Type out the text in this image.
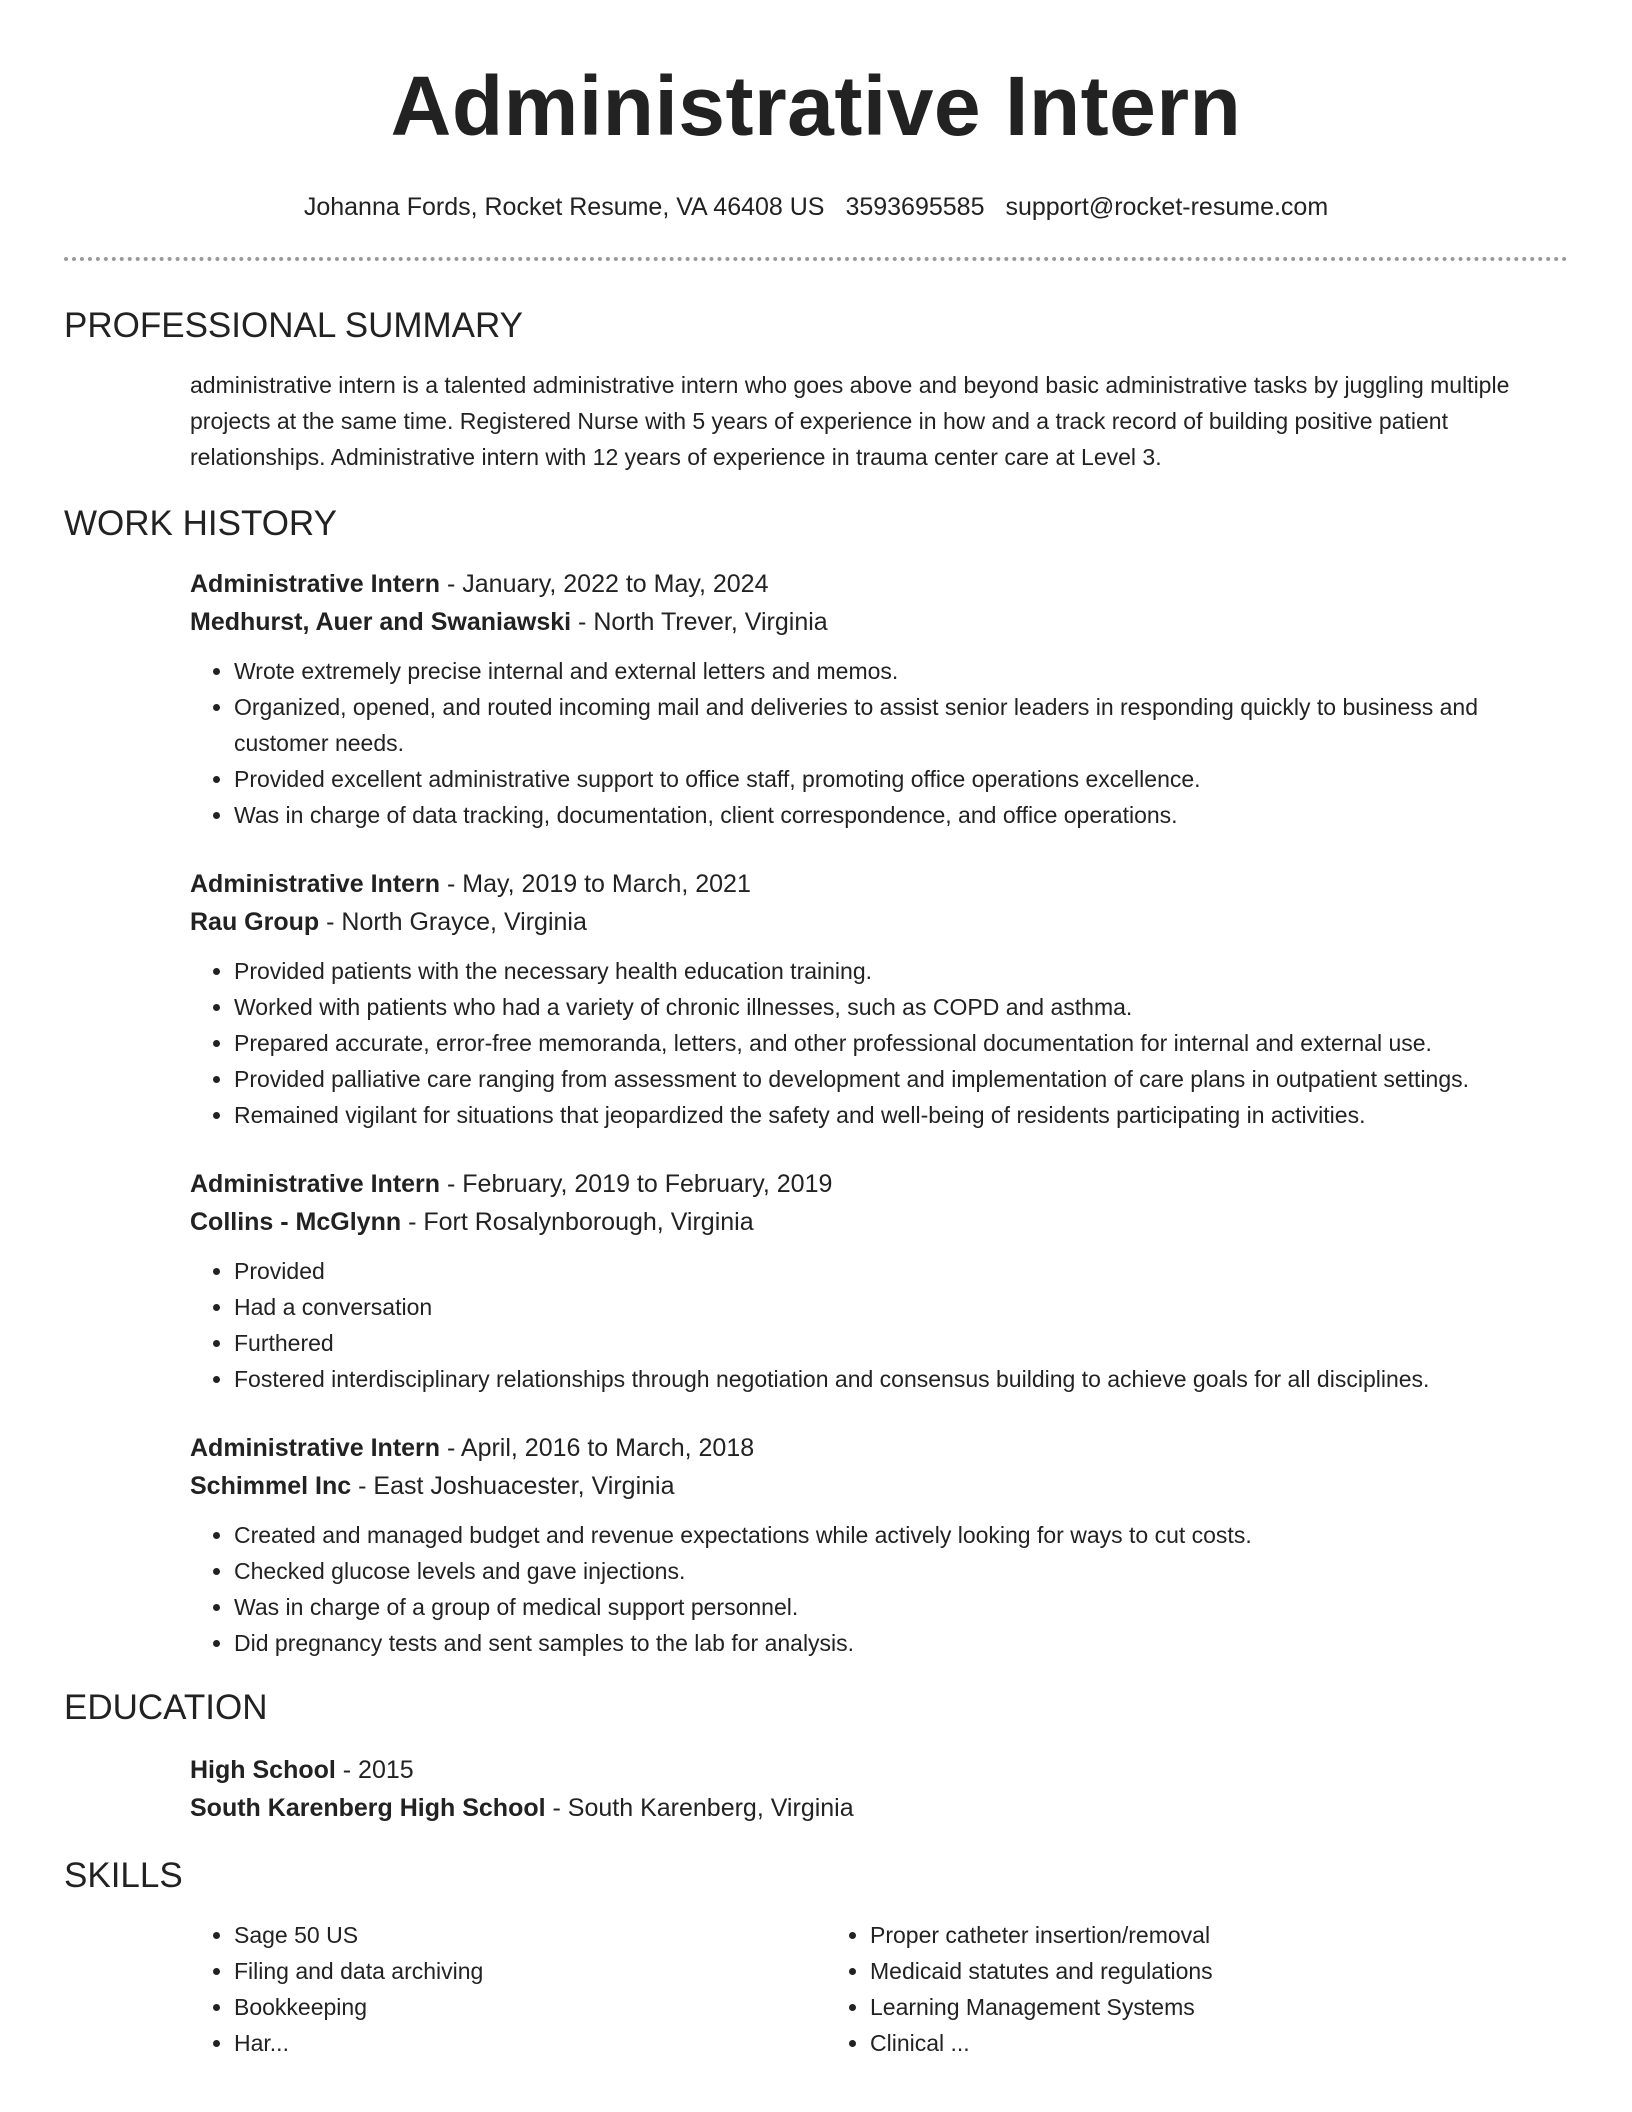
Administrative Intern
Johanna Fords, Rocket Resume, VA 46408 US 3593695585 support@rocket-resume.com
PROFESSIONAL SUMMARY

administrative intern is a talented administrative intern who goes above and beyond basic administrative tasks by juggling multiple projects at the same time. Registered Nurse with 5 years of experience in how and a track record of building positive patient relationships. Administrative intern with 12 years of experience in trauma center care at Level 3.

WORK HISTORY
Administrative Intern - January, 2022 to May, 2024
Medhurst, Auer and Swaniawski - North Trever, Virginia
• Wrote extremely precise internal and external letters and memos.
• Organized, opened, and routed incoming mail and deliveries to assist senior leaders in responding quickly to business and customer needs.
• Provided excellent administrative support to office staff, promoting office operations excellence.
• Was in charge of data tracking, documentation, client correspondence, and office operations.
Administrative Intern - May, 2019 to March, 2021
Rau Group - North Grayce, Virginia
• Provided patients with the necessary health education training.
• Worked with patients who had a variety of chronic illnesses, such as COPD and asthma.
• Prepared accurate, error-free memoranda, letters, and other professional documentation for internal and external use.
• Provided palliative care ranging from assessment to development and implementation of care plans in outpatient settings.
• Remained vigilant for situations that jeopardized the safety and well-being of residents participating in activities.
Administrative Intern - February, 2019 to February, 2019
Collins - McGlynn - Fort Rosalynborough, Virginia
• Provided
• Had a conversation
• Furthered
• Fostered interdisciplinary relationships through negotiation and consensus building to achieve goals for all disciplines.
Administrative Intern - April, 2016 to March, 2018
Schimmel Inc - East Joshuacester, Virginia
• Created and managed budget and revenue expectations while actively looking for ways to cut costs.
• Checked glucose levels and gave injections.
• Was in charge of a group of medical support personnel.
• Did pregnancy tests and sent samples to the lab for analysis.
EDUCATION
High School - 2015
South Karenberg High School - South Karenberg, Virginia
SKILLS
• Sage 50 US
• Filing and data archiving
• Bookkeeping
• Har...
• Proper catheter insertion/removal
• Medicaid statutes and regulations
• Learning Management Systems
• Clinical ...
